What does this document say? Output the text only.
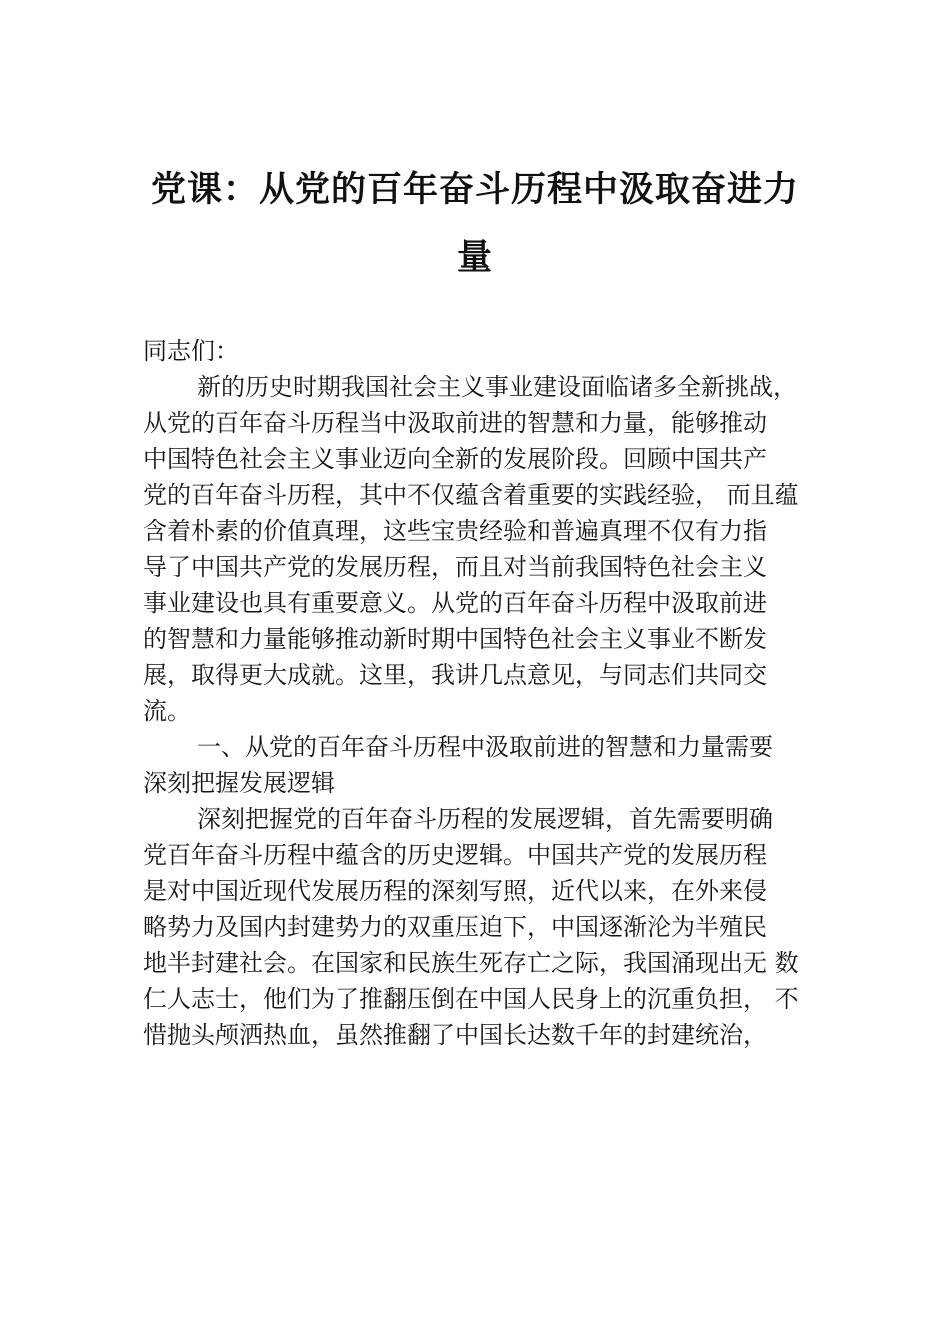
党课：从党的百年奋斗历程中汲取奋进力
量
同志们：
新的历史时期我国社会主义事业建设面临诸多全新挑战，
从党的百年奋斗历程当中汲取前进的智慧和力量，能够推动
中国特色社会主义事业迈向全新的发展阶段。回顾中国共产
党的百年奋斗历程，其中不仅蕴含着重要的实践经验， 而且蕴
含着朴素的价值真理，这些宝贵经验和普遍真理不仅有力指
导了中国共产党的发展历程，而且对当前我国特色社会主义
事业建设也具有重要意义。从党的百年奋斗历程中汲取前进
的智慧和力量能够推动新时期中国特色社会主义事业不断发
展，取得更大成就。这里，我讲几点意见，与同志们共同交
流。
一、从党的百年奋斗历程中汲取前进的智慧和力量需要
深刻把握发展逻辑
深刻把握党的百年奋斗历程的发展逻辑，首先需要明确
党百年奋斗历程中蕴含的历史逻辑。中国共产党的发展历程
是对中国近现代发展历程的深刻写照，近代以来，在外来侵
略势力及国内封建势力的双重压迫下，中国逐渐沦为半殖民
地半封建社会。在国家和民族生死存亡之际，我国涌现出无 数
仁人志士，他们为了推翻压倒在中国人民身上的沉重负担， 不
惜抛头颅洒热血，虽然推翻了中国长达数千年的封建统治，
